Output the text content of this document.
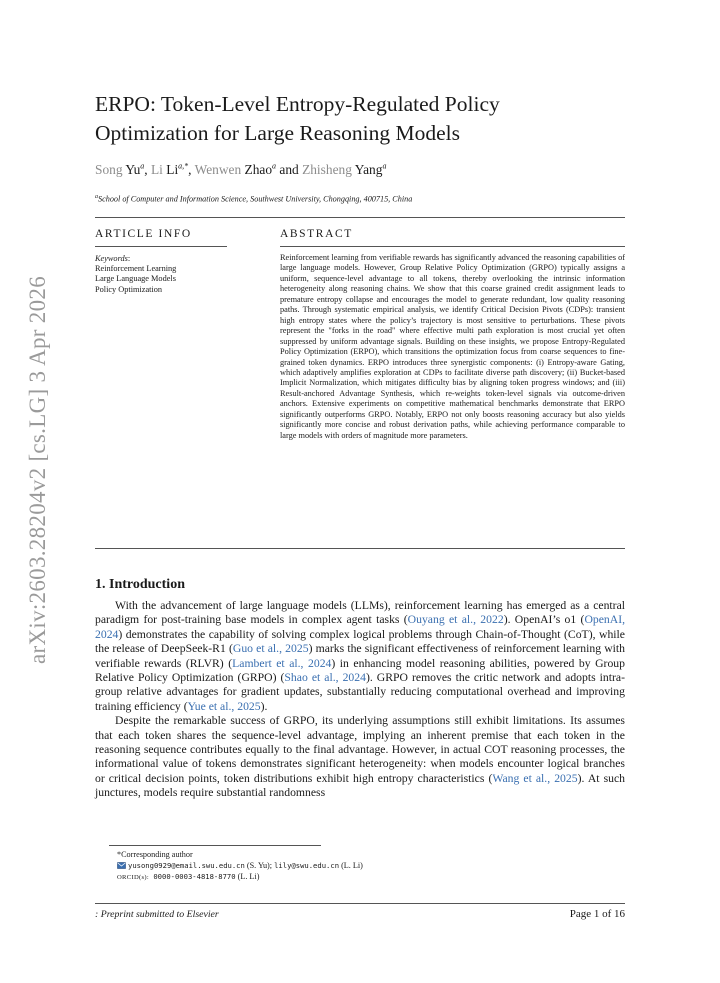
arXiv:2603.28204v2 [cs.LG] 3 Apr 2026
ERPO: Token-Level Entropy-Regulated Policy
Optimization for Large Reasoning Models
Song Yu$^a$, Li $Li^{a,*}$, Wenwen Zhao$^a$ and Zhisheng Yang$^a$
$^a$School of Computer and Information Science, Southwest University, Chongqing, 400715, China
ARTICLE INFO	ABSTRACT
Keywords:
Reinforcement Learning
Large Language Models
Policy Optimization

Reinforcement learning from verifiable rewards has significantly advanced the reasoning capabilities of large language models. However, Group Relative Policy Optimization (GRPO) typically assigns a uniform, sequence-level advantage to all tokens, thereby overlooking the intrinsic information heterogeneity along reasoning chains. We show that this coarse grained credit assignment leads to premature entropy collapse and encourages the model to generate redundant, low quality reasoning paths. Through systematic empirical analysis, we identify Critical Decision Pivots (CDPs): transient high entropy states where the policy’s trajectory is most sensitive to perturbations. These pivots represent the "forks in the road" where effective multi path exploration is most crucial yet often suppressed by uniform advantage signals. Building on these insights, we propose Entropy-Regulated Policy Optimization (ERPO), which transitions the optimization focus from coarse sequences to fine-grained token dynamics. ERPO introduces three synergistic components: (i) Entropy-aware Gating, which adaptively amplifies exploration at CDPs to facilitate diverse path discovery; (ii) Bucket-based Implicit Normalization, which mitigates difficulty bias by aligning token progress windows; and (iii) Result-anchored Advantage Synthesis, which re-weights token-level signals via outcome-driven anchors. Extensive experiments on competitive mathematical benchmarks demonstrate that ERPO significantly outperforms GRPO. Notably, ERPO not only boosts reasoning accuracy but also yields significantly more concise and robust derivation paths, while achieving performance comparable to large models with orders of magnitude more parameters.

1. Introduction

With the advancement of large language models (LLMs), reinforcement learning has emerged as a central paradigm for post-training base models in complex agent tasks (Ouyang et al., 2022). OpenAI’s o1 (OpenAI, 2024) demonstrates the capability of solving complex logical problems through Chain-of-Thought (CoT), while the release of DeepSeek-R1 (Guo et al., 2025) marks the significant effectiveness of reinforcement learning with verifiable rewards (RLVR) (Lambert et al., 2024) in enhancing model reasoning abilities, powered by Group Relative Policy Optimization (GRPO) (Shao et al., 2024). GRPO removes the critic network and adopts intra-group relative advantages for gradient updates, substantially reducing computational overhead and improving training efficiency (Yue et al., 2025).

Despite the remarkable success of GRPO, its underlying assumptions still exhibit limitations. Its assumes that each token shares the sequence-level advantage, implying an inherent premise that each token in the reasoning sequence contributes equally to the final advantage. However, in actual COT reasoning processes, the informational value of tokens demonstrates significant heterogeneity: when models encounter logical branches or critical decision points, token distributions exhibit high entropy characteristics (Wang et al., 2025). At such junctures, models require substantial randomness

*Corresponding author
yusong0929@email.swu.edu.cn (S. Yu); lily@swu.edu.cn (L. Li)
ORCID(s): 0000-0003-4818-8770 (L. Li)
: Preprint submitted to Elsevier	Page 1 of 16
